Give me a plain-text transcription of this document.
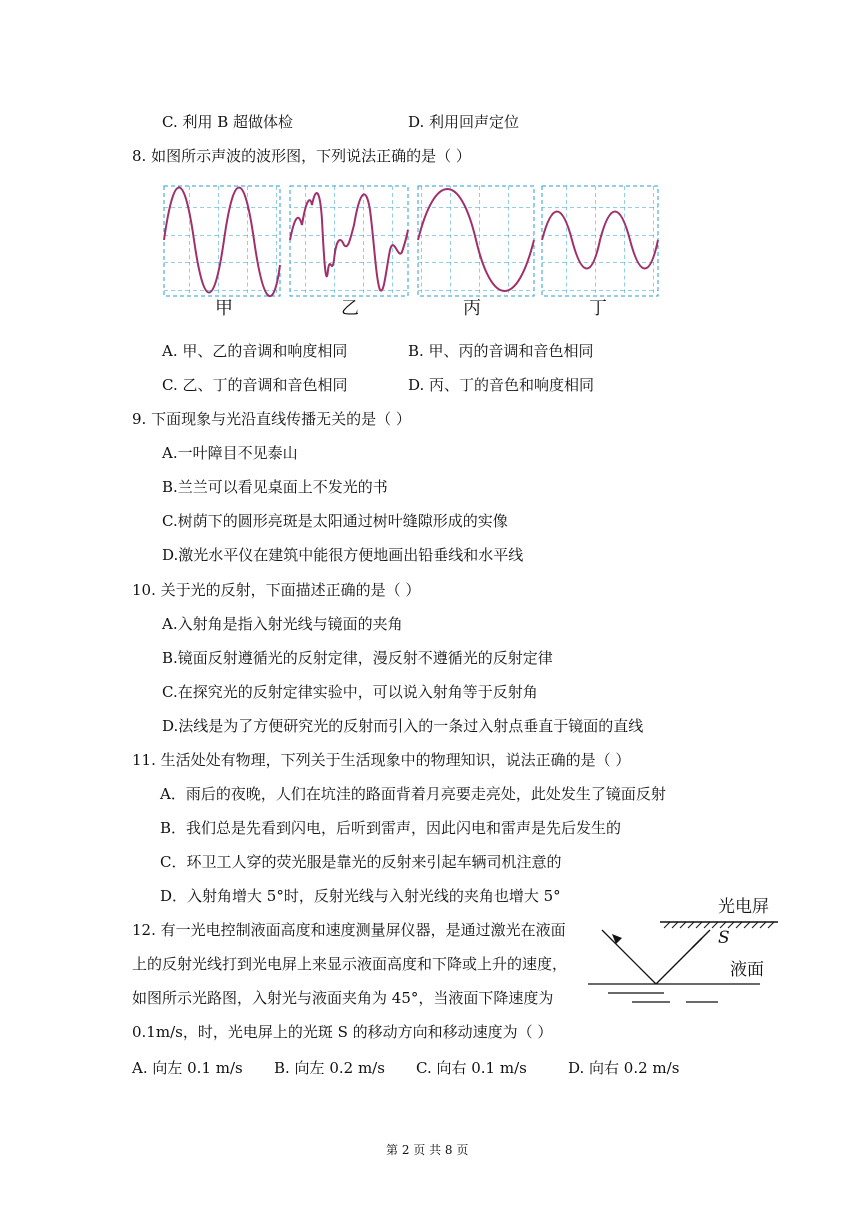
C. 利用 B 超做体检	D. 利用回声定位
8. 如图所示声波的波形图，下列说法正确的是（ ）
甲	乙	丙	丁
A. 甲、乙的音调和响度相同	B. 甲、丙的音调和音色相同
C. 乙、丁的音调和音色相同	D. 丙、丁的音色和响度相同
9. 下面现象与光沿直线传播无关的是（ ）
A.一叶障目不见泰山
B.兰兰可以看见桌面上不发光的书
C.树荫下的圆形亮斑是太阳通过树叶缝隙形成的实像
D.激光水平仪在建筑中能很方便地画出铅垂线和水平线
10. 关于光的反射，下面描述正确的是（ ）
A.入射角是指入射光线与镜面的夹角
B.镜面反射遵循光的反射定律，漫反射不遵循光的反射定律
C.在探究光的反射定律实验中，可以说入射角等于反射角
D.法线是为了方便研究光的反射而引入的一条过入射点垂直于镜面的直线
11. 生活处处有物理，下列关于生活现象中的物理知识，说法正确的是（ ）
A．雨后的夜晚，人们在坑洼的路面背着月亮要走亮处，此处发生了镜面反射
B．我们总是先看到闪电，后听到雷声，因此闪电和雷声是先后发生的
C．环卫工人穿的荧光服是靠光的反射来引起车辆司机注意的
D．入射角增大 5°时，反射光线与入射光线的夹角也增大 5°
12. 有一光电控制液面高度和速度测量屏仪器，是通过激光在液面
上的反射光线打到光电屏上来显示液面高度和下降或上升的速度，
如图所示光路图，入射光与液面夹角为 45°，当液面下降速度为
0.1m/s，时，光电屏上的光斑 S 的移动方向和移动速度为（ ）
A. 向左 0.1 m/s B. 向左 0.2 m/s C. 向右 0.1 m/s	D. 向右 0.2 m/s
光电屏
S
液面
第 2 页 共 8 页
